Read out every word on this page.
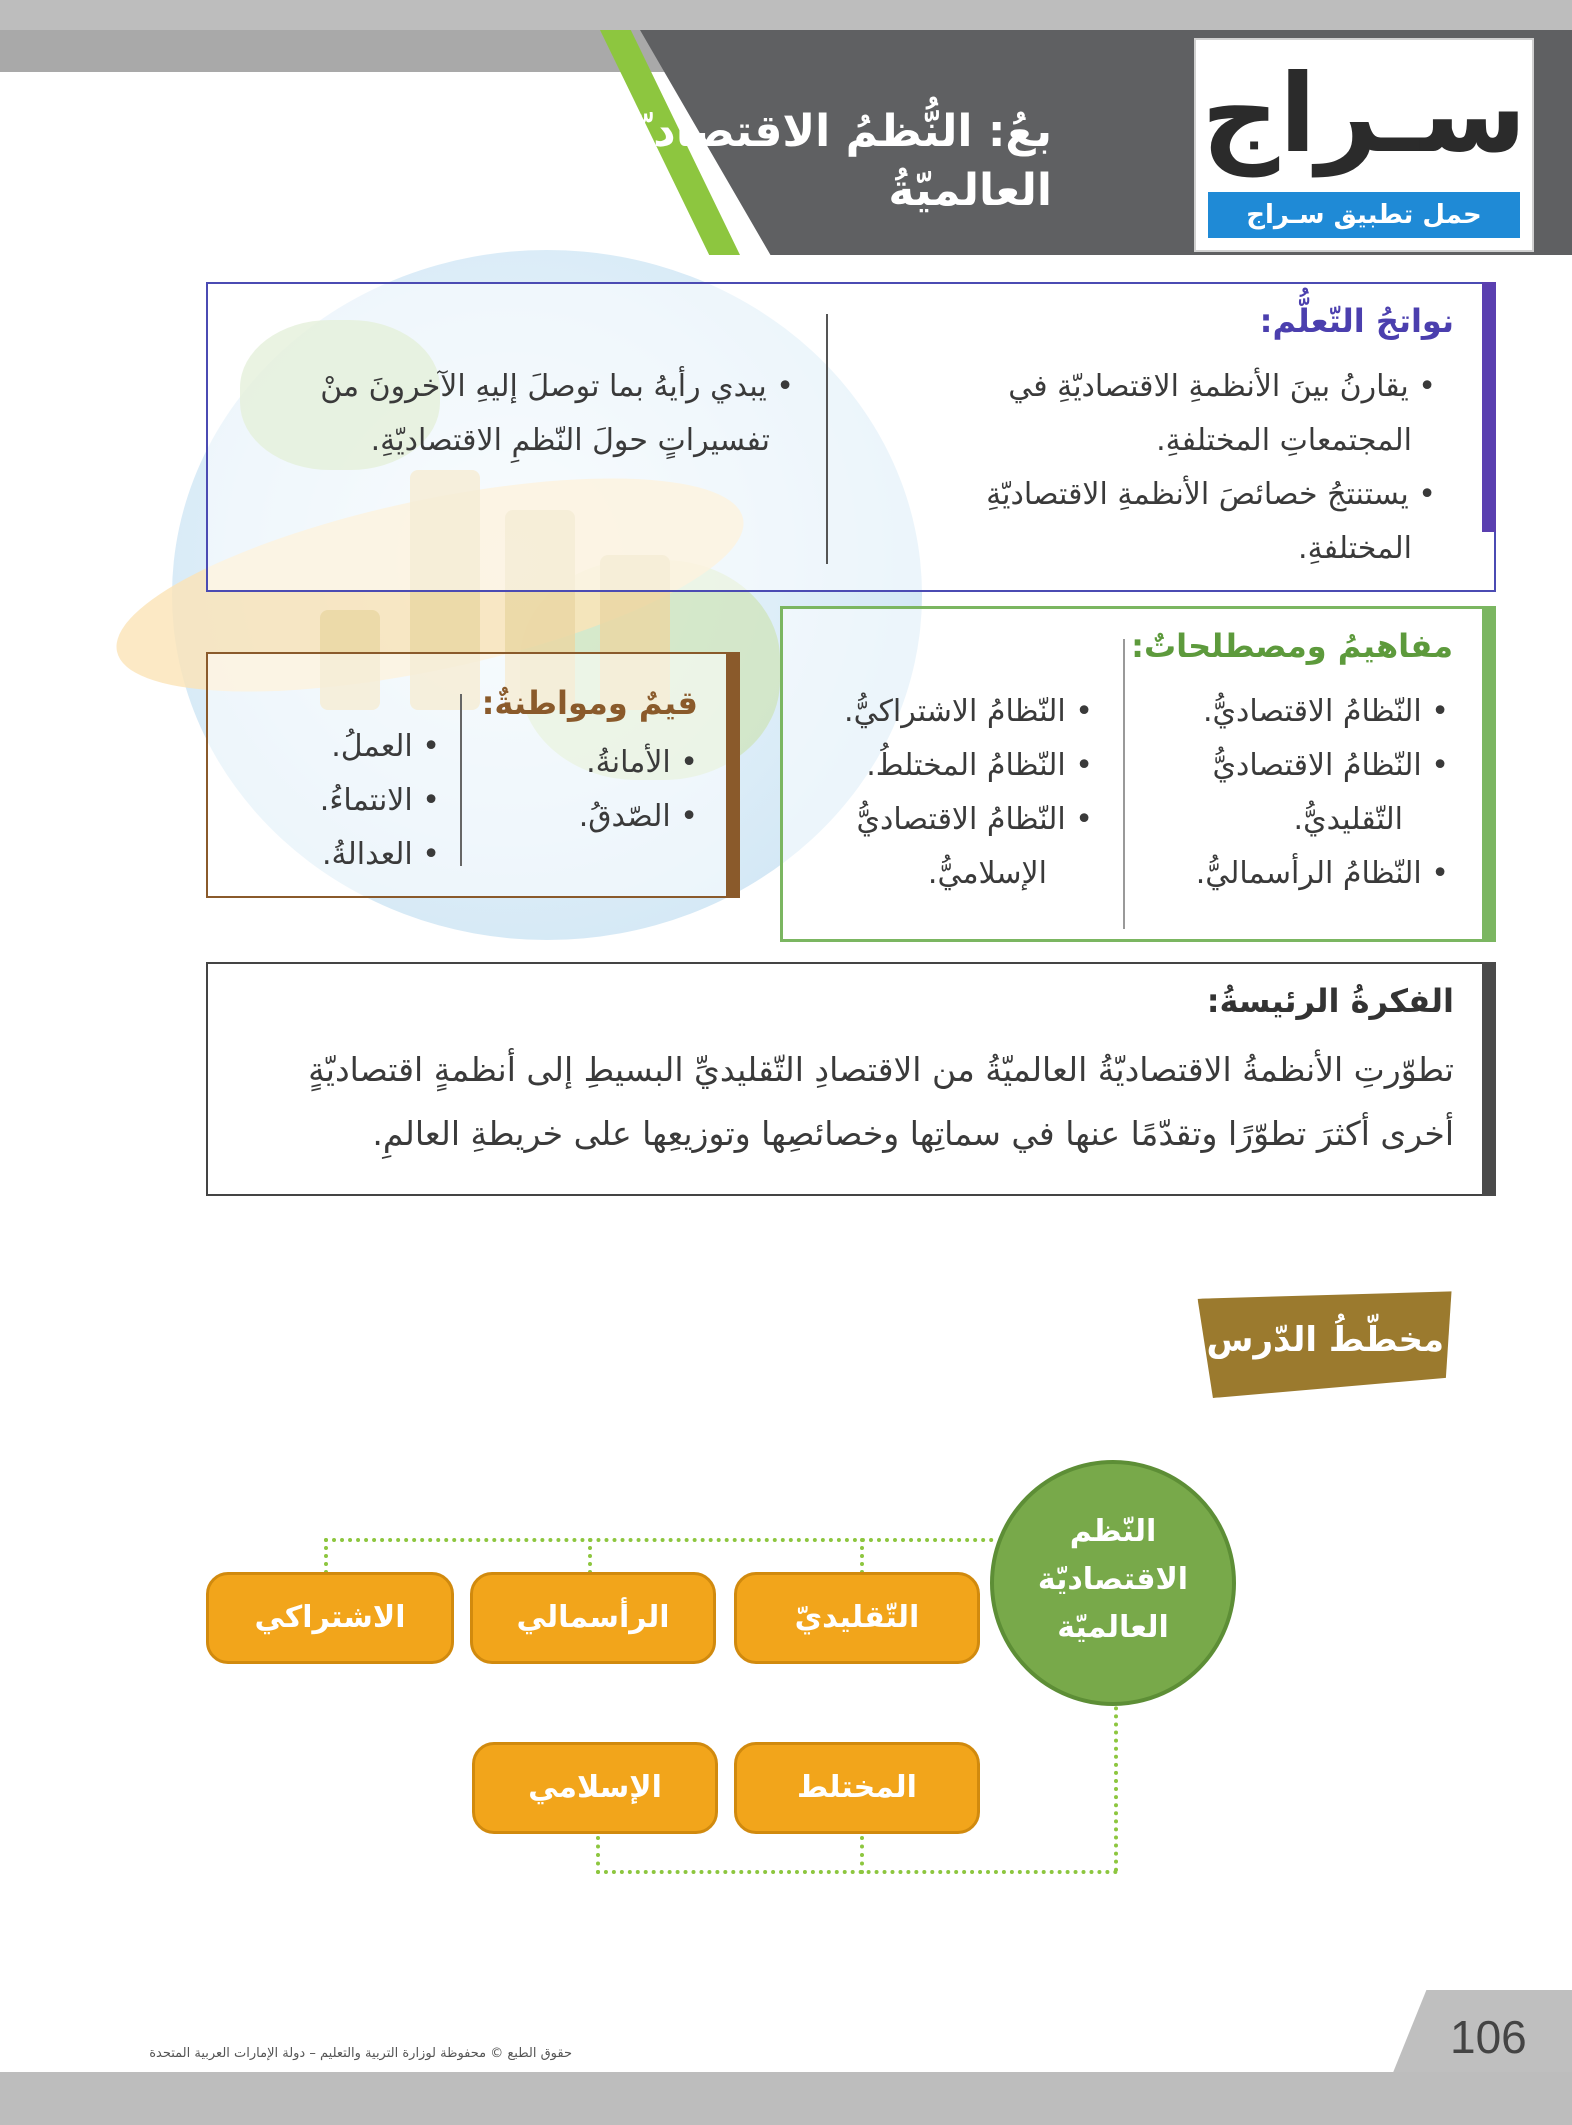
بعُ: النُّظمُ الاقتصاديّةُ
العالميّةُ
سـراج
حمل تطبيق سـراج
نواتجُ التّعلُّم:
• يقارنُ بينَ الأنظمةِ الاقتصاديّةِ في
المجتمعاتِ المختلفةِ.
• يستنتجُ خصائصَ الأنظمةِ الاقتصاديّةِ
المختلفةِ.
• يبدي رأيهُ بما توصلَ إليهِ الآخرونَ منْ
تفسيراتٍ حولَ النّظمِ الاقتصاديّةِ.
مفاهيمُ ومصطلحاتٌ:
• النّظامُ الاقتصاديُّ.
• النّظامُ الاقتصاديُّ
التّقليديُّ.
• النّظامُ الرأسماليُّ.
• النّظامُ الاشتراكيُّ.
• النّظامُ المختلطُ.
• النّظامُ الاقتصاديُّ
الإسلاميُّ.
قيمٌ ومواطنةٌ:
• الأمانةُ.
• الصّدقُ.
• العملُ.
• الانتماءُ.
• العدالةُ.
الفكرةُ الرئيسةُ:
تطوّرتِ الأنظمةُ الاقتصاديّةُ العالميّةُ من الاقتصادِ التّقليديِّ البسيطِ إلى أنظمةٍ اقتصاديّةٍ
أخرى أكثرَ تطوّرًا وتقدّمًا عنها في سماتِها وخصائصِها وتوزيعِها على خريطةِ العالمِ.
مخطّطُ الدّرس
النّظم
الاقتصاديّة
العالميّة
التّقليديّ
الرأسمالي
الاشتراكي
المختلط
الإسلامي
106
حقوق الطبع © محفوظة لوزارة التربية والتعليم – دولة الإمارات العربية المتحدة
